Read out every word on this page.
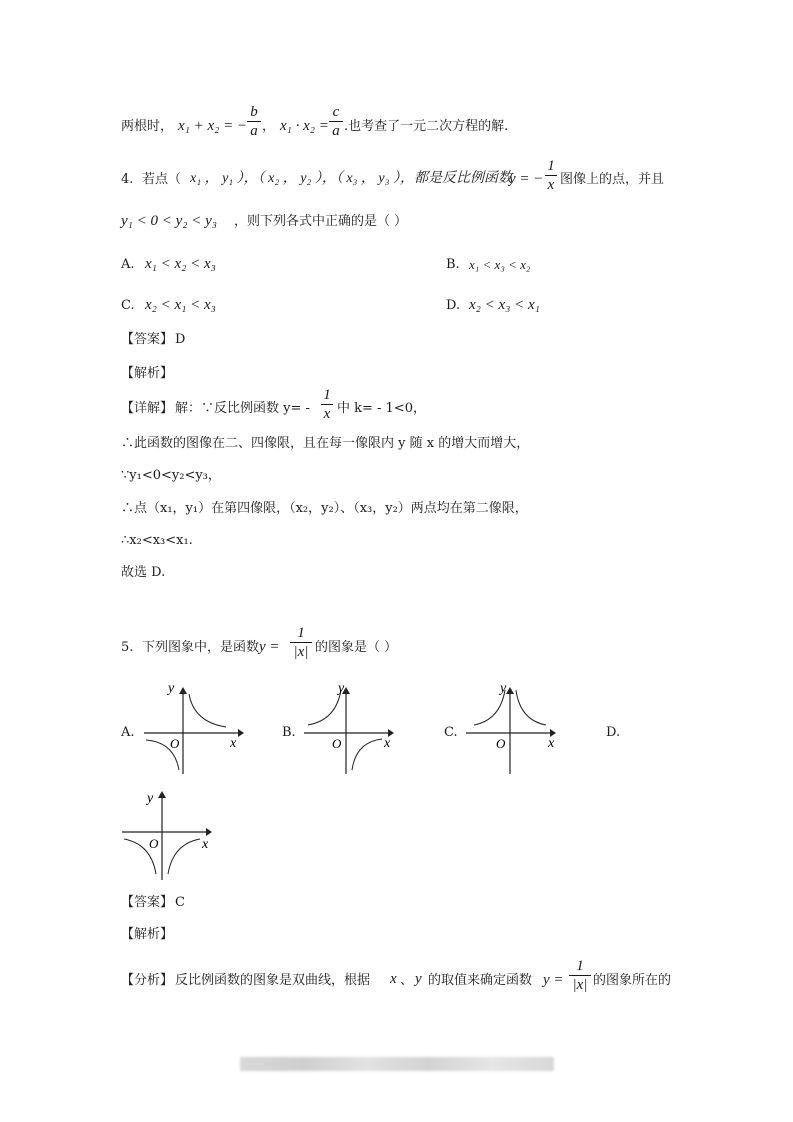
两根时， x₁ + x₂ = −
b
a ， x₁ · x₂ =
c
a .也考查了一元二次方程的解.
4. 若点（ x₁ ， y₁ ），（ x₂ ， y₂ ），（ x₃ ， y₃ ），都是反比例函数
y = −
1
x 图像上的点，并且
y₁ < 0 < y₂ < y₃ ，则下列各式中正确的是（ ）
A. x₁ < x₂ < x₃	B. x₁ < x₃ < x₂
C. x₂ < x₁ < x₃	D. x₂ < x₃ < x₁
【答案】 D
【解析】
【详解】 解：∵反比例函数 y= -
1
x 中 k= - 1<0，
∴此函数的图像在二、四像限，且在每一像限内 y 随 x 的增大而增大，
∵y₁<0<y₂<y₃，
∴点（x₁，y₁）在第四像限，（x₂，y₂）、（x₃，y₂）两点均在第二像限，
∴x₂<x₃<x₁.
故选 D.
5. 下列图象中，是函数 y =
1
|x| 的图象是（ ）
A.	B.	C.	D.
y
x
O
y
x
O
y
x
O
y
x
O
【答案】 C
【解析】
【分析】 反比例函数的图象是双曲线，根据 x 、 y 的取值来确定函数 y =
1
|x| 的图象所在的
